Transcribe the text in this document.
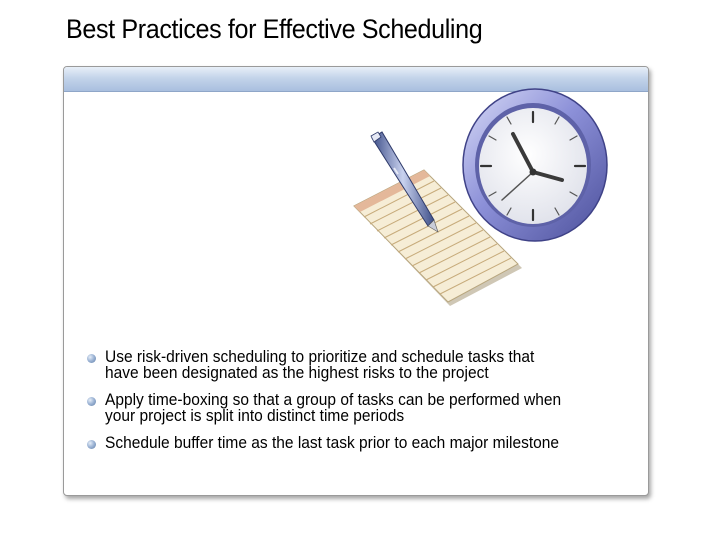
Best Practices for Effective Scheduling
Use risk-driven scheduling to prioritize and schedule tasks that
have been designated as the highest risks to the project
Apply time-boxing so that a group of tasks can be performed when
your project is split into distinct time periods
Schedule buffer time as the last task prior to each major milestone
